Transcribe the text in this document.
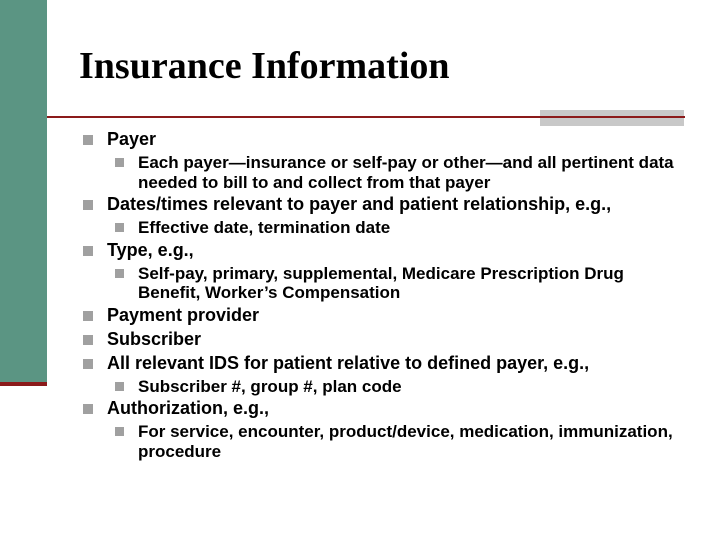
Insurance Information
Payer
Each payer—insurance or self-pay or other—and all pertinent data needed to bill to and collect from that payer
Dates/times relevant to payer and patient relationship, e.g.,
Effective date, termination date
Type, e.g.,
Self-pay, primary, supplemental, Medicare Prescription Drug Benefit, Worker’s Compensation
Payment provider
Subscriber
All relevant IDS for patient relative to defined payer, e.g.,
Subscriber #, group #, plan code
Authorization, e.g.,
For service, encounter, product/device, medication, immunization, procedure
